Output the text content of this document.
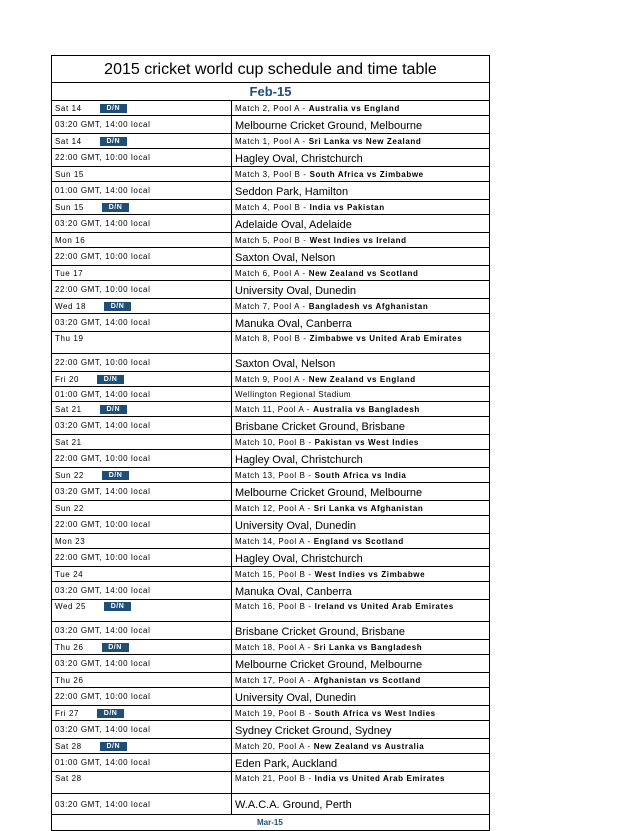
2015 cricket world cup schedule and time table
Feb-15
Sat 14	D/N	Match 2, Pool A - Australia vs England
03:20 GMT, 14:00 local	Melbourne Cricket Ground, Melbourne
Sat 14	D/N	Match 1, Pool A - Sri Lanka vs New Zealand
22:00 GMT, 10:00 local	Hagley Oval, Christchurch
Sun 15	Match 3, Pool B - South Africa vs Zimbabwe
01:00 GMT, 14:00 local	Seddon Park, Hamilton
Sun 15	D/N	Match 4, Pool B - India vs Pakistan
03:20 GMT, 14:00 local	Adelaide Oval, Adelaide
Mon 16	Match 5, Pool B - West Indies vs Ireland
22:00 GMT, 10:00 local	Saxton Oval, Nelson
Tue 17	Match 6, Pool A - New Zealand vs Scotland
22:00 GMT, 10:00 local	University Oval, Dunedin
Wed 18	D/N	Match 7, Pool A - Bangladesh vs Afghanistan
03:20 GMT, 14:00 local	Manuka Oval, Canberra
Thu 19	Match 8, Pool B - Zimbabwe vs United Arab Emirates
22:00 GMT, 10:00 local	Saxton Oval, Nelson
Fri 20	D/N	Match 9, Pool A - New Zealand vs England
01:00 GMT, 14:00 local	Wellington Regional Stadium
Sat 21	D/N	Match 11, Pool A - Australia vs Bangladesh
03:20 GMT, 14:00 local	Brisbane Cricket Ground, Brisbane
Sat 21	Match 10, Pool B - Pakistan vs West Indies
22:00 GMT, 10:00 local	Hagley Oval, Christchurch
Sun 22	D/N	Match 13, Pool B - South Africa vs India
03:20 GMT, 14:00 local	Melbourne Cricket Ground, Melbourne
Sun 22	Match 12, Pool A - Sri Lanka vs Afghanistan
22:00 GMT, 10:00 local	University Oval, Dunedin
Mon 23	Match 14, Pool A - England vs Scotland
22:00 GMT, 10:00 local	Hagley Oval, Christchurch
Tue 24	Match 15, Pool B - West Indies vs Zimbabwe
03:20 GMT, 14:00 local	Manuka Oval, Canberra
Wed 25	D/N	Match 16, Pool B - Ireland vs United Arab Emirates
03:20 GMT, 14:00 local	Brisbane Cricket Ground, Brisbane
Thu 26	D/N	Match 18, Pool A - Sri Lanka vs Bangladesh
03:20 GMT, 14:00 local	Melbourne Cricket Ground, Melbourne
Thu 26	Match 17, Pool A - Afghanistan vs Scotland
22:00 GMT, 10:00 local	University Oval, Dunedin
Fri 27	D/N	Match 19, Pool B - South Africa vs West Indies
03:20 GMT, 14:00 local	Sydney Cricket Ground, Sydney
Sat 28	D/N	Match 20, Pool A - New Zealand vs Australia
01:00 GMT, 14:00 local	Eden Park, Auckland
Sat 28	Match 21, Pool B - India vs United Arab Emirates
03:20 GMT, 14:00 local	W.A.C.A. Ground, Perth
Mar-15
